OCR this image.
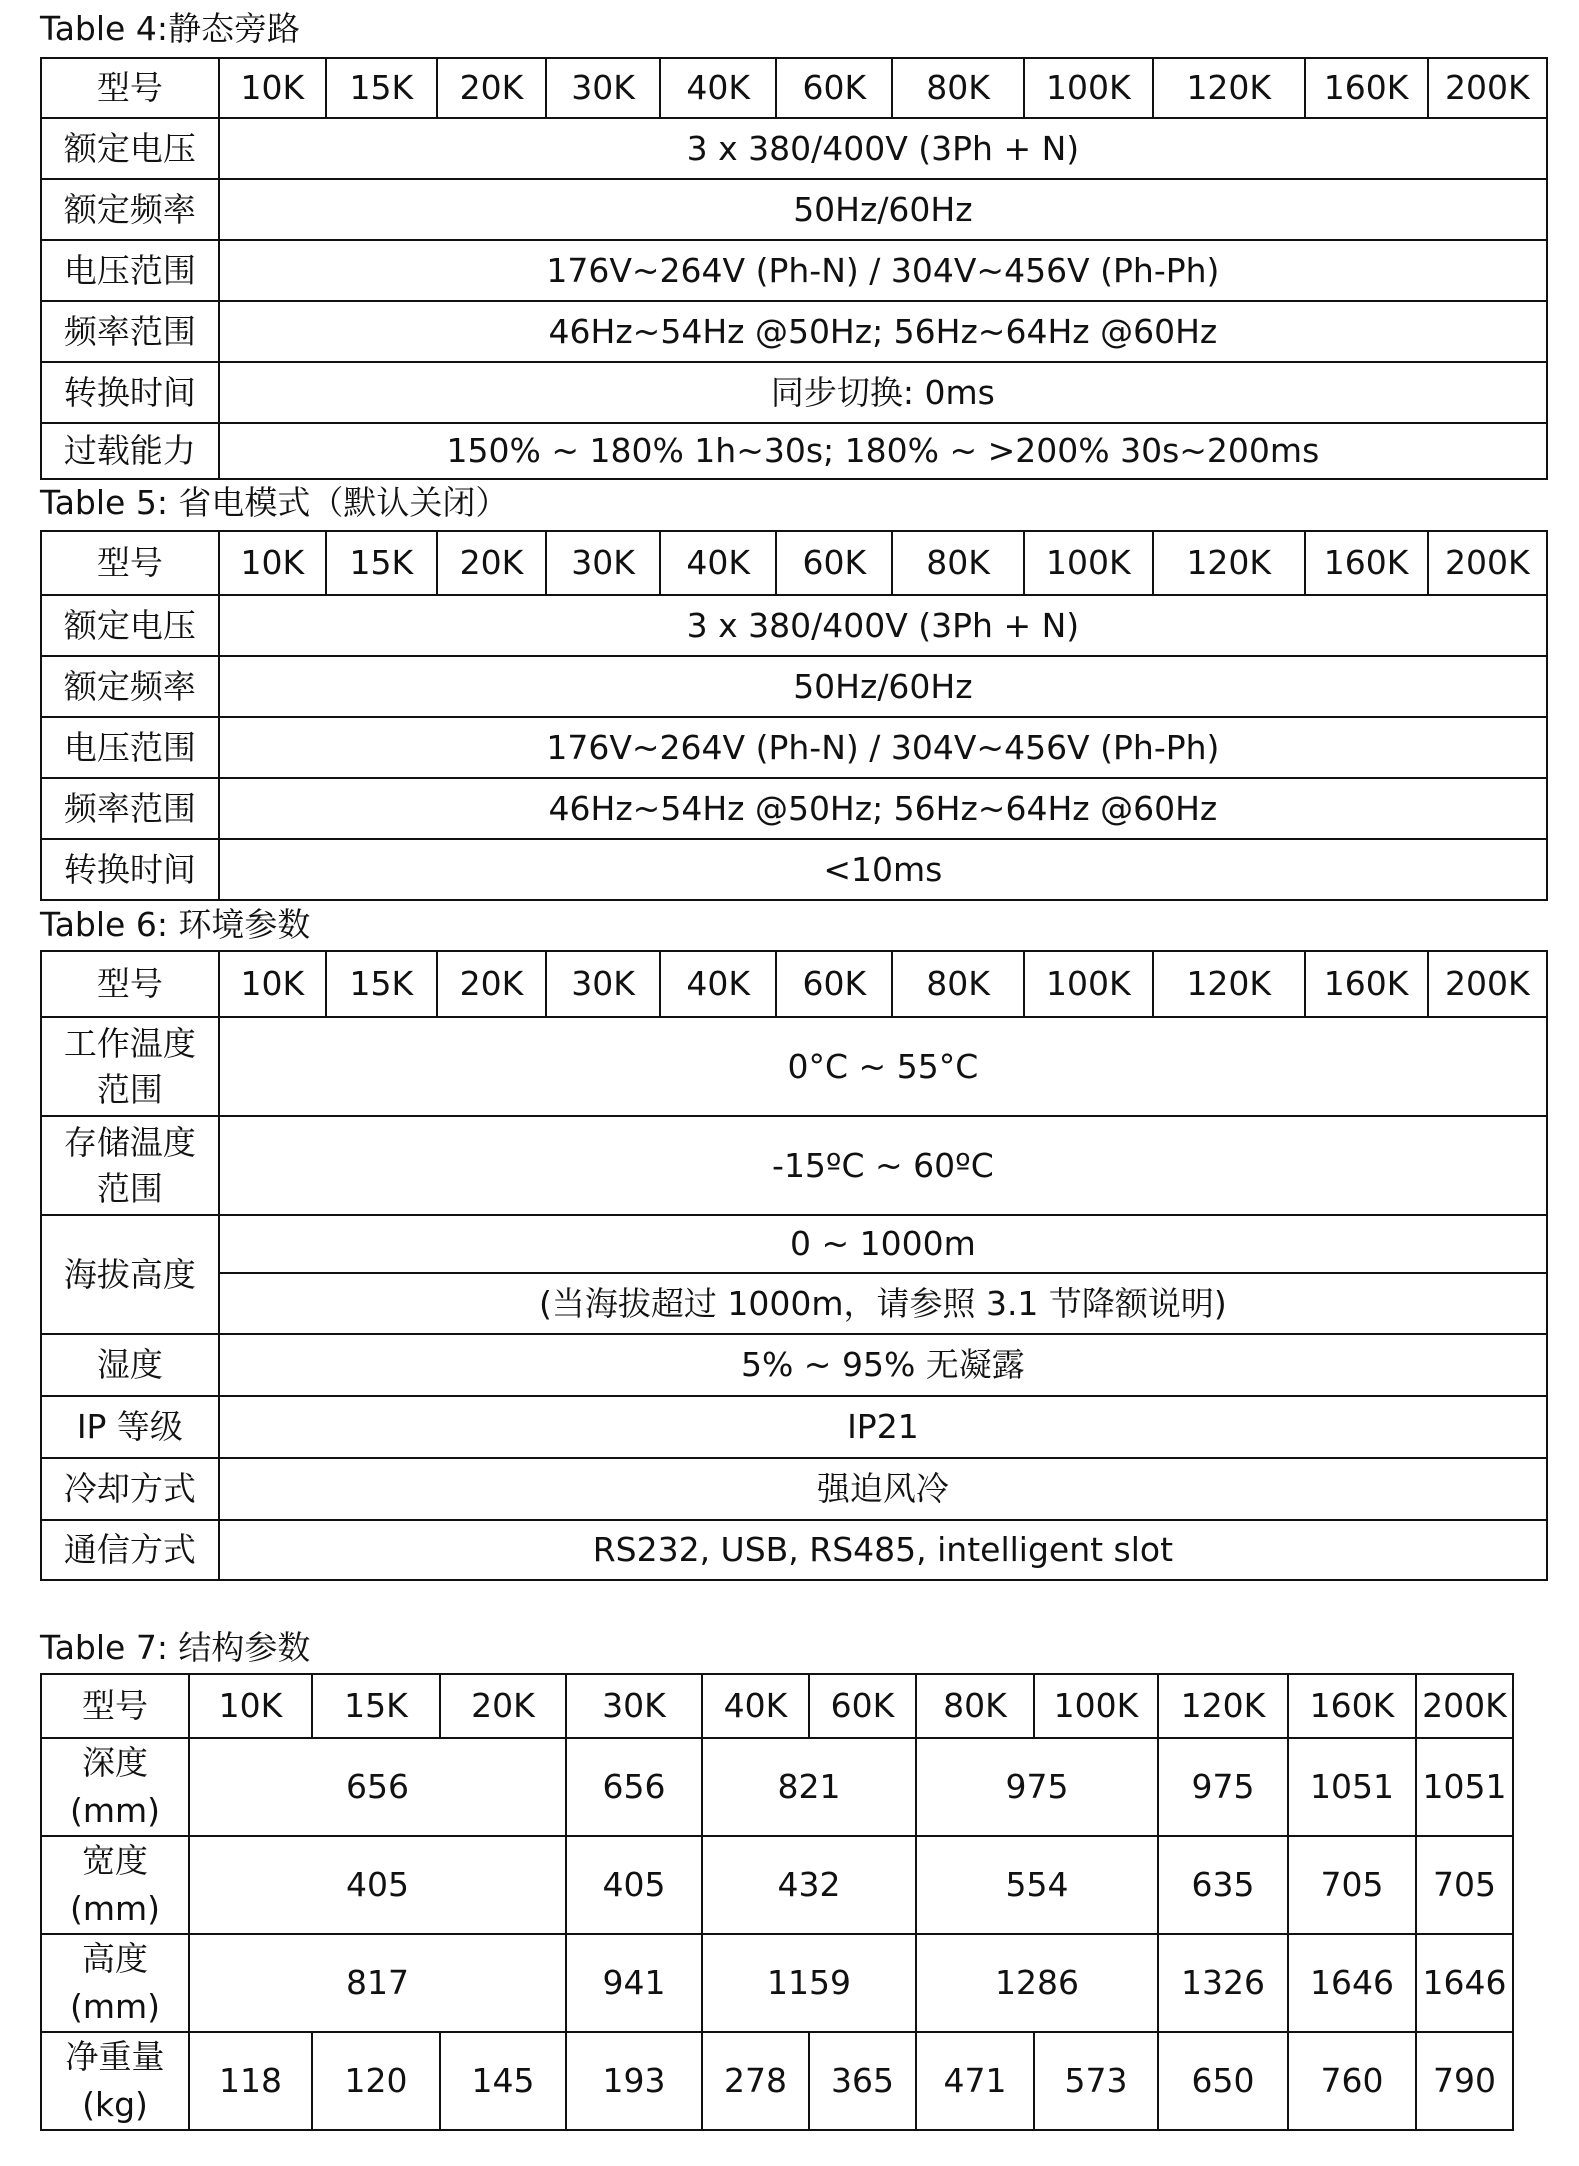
Table 4:静态旁路
型号	10K	15K	20K	30K	40K	60K	80K	100K	120K	160K	200K
额定电压	3 x 380/400V (3Ph + N)										
额定频率	50Hz/60Hz										
电压范围	176V~264V (Ph-N) / 304V~456V (Ph-Ph)										
频率范围	46Hz~54Hz @50Hz; 56Hz~64Hz @60Hz										
转换时间	同步切换: 0ms										
过载能力	150% ~ 180% 1h~30s; 180% ~ >200% 30s~200ms										
Table 5: 省电模式（默认关闭）
型号	10K	15K	20K	30K	40K	60K	80K	100K	120K	160K	200K
额定电压	3 x 380/400V (3Ph + N)										
额定频率	50Hz/60Hz										
电压范围	176V~264V (Ph-N) / 304V~456V (Ph-Ph)										
频率范围	46Hz~54Hz @50Hz; 56Hz~64Hz @60Hz										
转换时间	<10ms										
Table 6: 环境参数
型号	10K	15K	20K	30K	40K	60K	80K	100K	120K	160K	200K
工作温度
范围	0°C ~ 55°C										
存储温度
范围	-15ºC ~ 60ºC										
海拔高度	0 ~ 1000m										
	(当海拔超过 1000m，请参照 3.1 节降额说明)										
湿度	5% ~ 95% 无凝露										
IP 等级	IP21										
冷却方式	强迫风冷										
通信方式	RS232, USB, RS485, intelligent slot										
Table 7: 结构参数
型号	10K	15K	20K	30K	40K	60K	80K	100K	120K	160K	200K
深度
(mm)	656			656	821		975		975	1051	1051
宽度
(mm)	405			405	432		554		635	705	705
高度
(mm)	817			941	1159		1286		1326	1646	1646
净重量
(kg)	118	120	145	193	278	365	471	573	650	760	790
